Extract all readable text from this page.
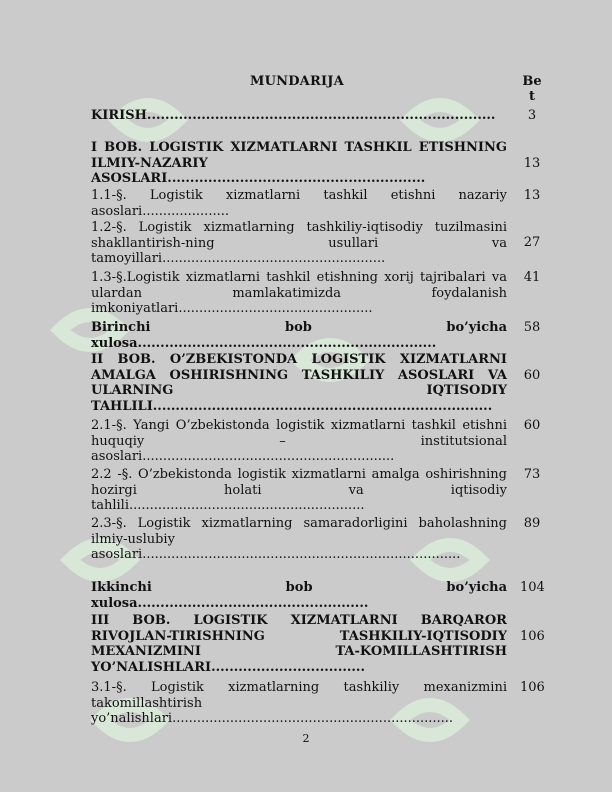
MUNDARIJA	Be
t
KIRISH.............................................................................	3
I BOB. LOGISTIK XIZMATLARNI TASHKIL ETISHNING ILMIY-NAZARIY ASOSLARI.........................................................
13
1.1-§. Logistik xizmatlarni tashkil etishni nazariy asoslari.....................
13
1.2-§. Logistik xizmatlarning tashkiliy-iqtisodiy tuzilmasini shakllantirish-ning usullari va tamoyillari......................................................
27
1.3-§.Logistik xizmatlarni tashkil etishning xorij tajribalari va ulardan mamlakatimizda foydalanish imkoniyatlari...............................................
41
Birinchi bob bo’yicha xulosa..................................................................
58
II BOB. O’ZBEKISTONDA LOGISTIK XIZMATLARNI AMALGA OSHIRISHNING TASHKILIY ASOSLARI VA ULARNING IQTISODIY TAHLILI...........................................................................
60
2.1-§. Yangi O’zbekistonda logistik xizmatlarni tashkil etishni huquqiy – institutsional asoslari.............................................................
60
2.2 -§. O’zbekistonda logistik xizmatlarni amalga oshirishning hozirgi holati va iqtisodiy tahlili.........................................................
73
2.3-§. Logistik xizmatlarning samaradorligini baholashning ilmiy-uslubiy asoslari.............................................................................
89
Ikkinchi bob bo’yicha xulosa...................................................
104
III BOB. LOGISTIK XIZMATLARNI BARQAROR RIVOJLAN-TIRISHNING TASHKILIY-IQTISODIY MEXANIZMINI TA-KOMILLASHTIRISH YO’NALISHLARI..................................
106
3.1-§. Logistik xizmatlarning tashkiliy mexanizmini takomillashtirish yo’nalishlari....................................................................
106
2
